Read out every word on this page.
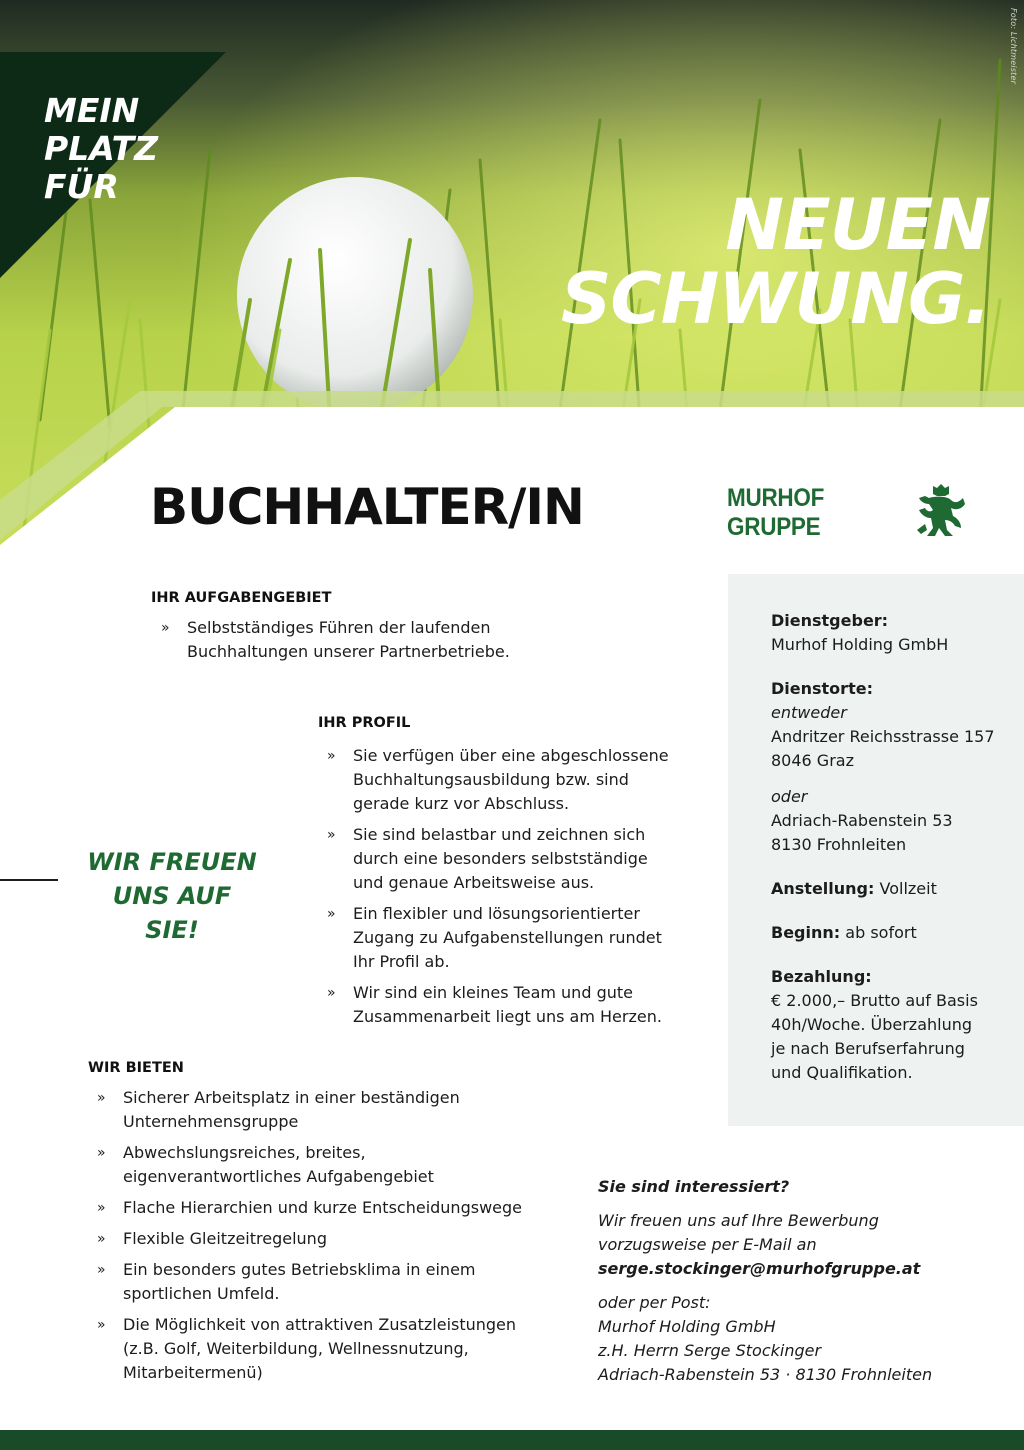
Foto: Lichtmeister
MEIN
PLATZ
FÜR	NEUEN
SCHWUNG.
BUCHHALTER/IN	MURHOF GRUPPE
IHR AUFGABENGEBIET
» Selbstständiges Führen der laufenden Buchhaltungen unserer Partnerbetriebe.
IHR PROFIL
» Sie verfügen über eine abgeschlossene Buchhaltungsausbildung bzw. sind gerade kurz vor Abschluss.
» Sie sind belastbar und zeichnen sich durch eine besonders selbstständige und genaue Arbeitsweise aus.
» Ein flexibler und lösungsorientierter Zugang zu Aufgabenstellungen rundet Ihr Profil ab.
» Wir sind ein kleines Team und gute Zusammenarbeit liegt uns am Herzen.
WIR FREUEN
UNS AUF SIE!
WIR BIETEN
» Sicherer Arbeitsplatz in einer beständigen Unternehmensgruppe
» Abwechslungsreiches, breites, eigenverantwortliches Aufgabengebiet
» Flache Hierarchien und kurze Entscheidungswege
» Flexible Gleitzeitregelung
» Ein besonders gutes Betriebsklima in einem sportlichen Umfeld.
» Die Möglichkeit von attraktiven Zusatzleistungen (z.B. Golf, Weiterbildung, Wellnessnutzung, Mitarbeitermenü)

Dienstgeber:
Murhof Holding GmbH

Dienstorte:
entweder
Andritzer Reichsstrasse 157
8046 Graz

oder
Adriach-Rabenstein 53
8130 Frohnleiten

Anstellung: Vollzeit

Beginn: ab sofort

Bezahlung:
€ 2.000,– Brutto auf Basis
40h/Woche. Überzahlung
je nach Berufserfahrung
und Qualifikation.

Sie sind interessiert?

Wir freuen uns auf Ihre Bewerbung
vorzugsweise per E-Mail an
serge.stockinger@murhofgruppe.at

oder per Post:
Murhof Holding GmbH
z.H. Herrn Serge Stockinger
Adriach-Rabenstein 53 · 8130 Frohnleiten
